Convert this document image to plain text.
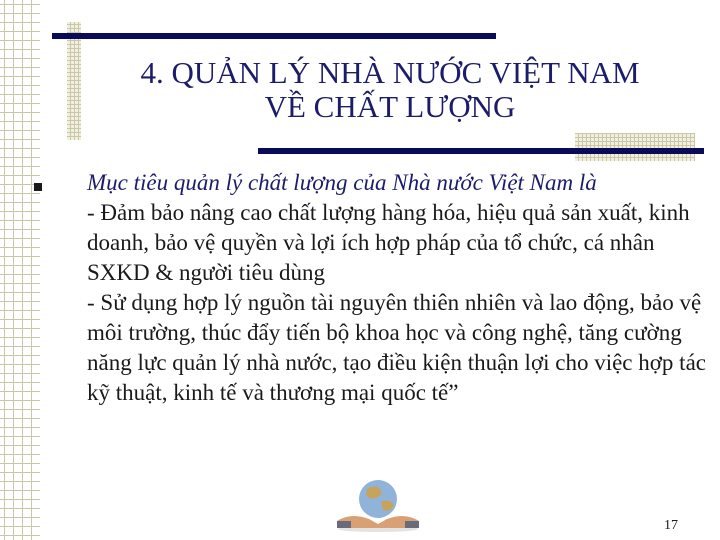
4. QUẢN LÝ NHÀ NƯỚC VIỆT NAM
VỀ CHẤT LƯỢNG
Mục tiêu quản lý chất lượng của Nhà nước Việt Nam là

- Đảm bảo nâng cao chất lượng hàng hóa, hiệu quả sản xuất, kinh doanh, bảo vệ quyền và lợi ích hợp pháp của tổ chức, cá nhân SXKD & người tiêu dùng

- Sử dụng hợp lý nguồn tài nguyên thiên nhiên và lao động, bảo vệ môi trường, thúc đẩy tiến bộ khoa học và công nghệ, tăng cường năng lực quản lý nhà nước, tạo điều kiện thuận lợi cho việc hợp tác kỹ thuật, kinh tế và thương mại quốc tế”

17
